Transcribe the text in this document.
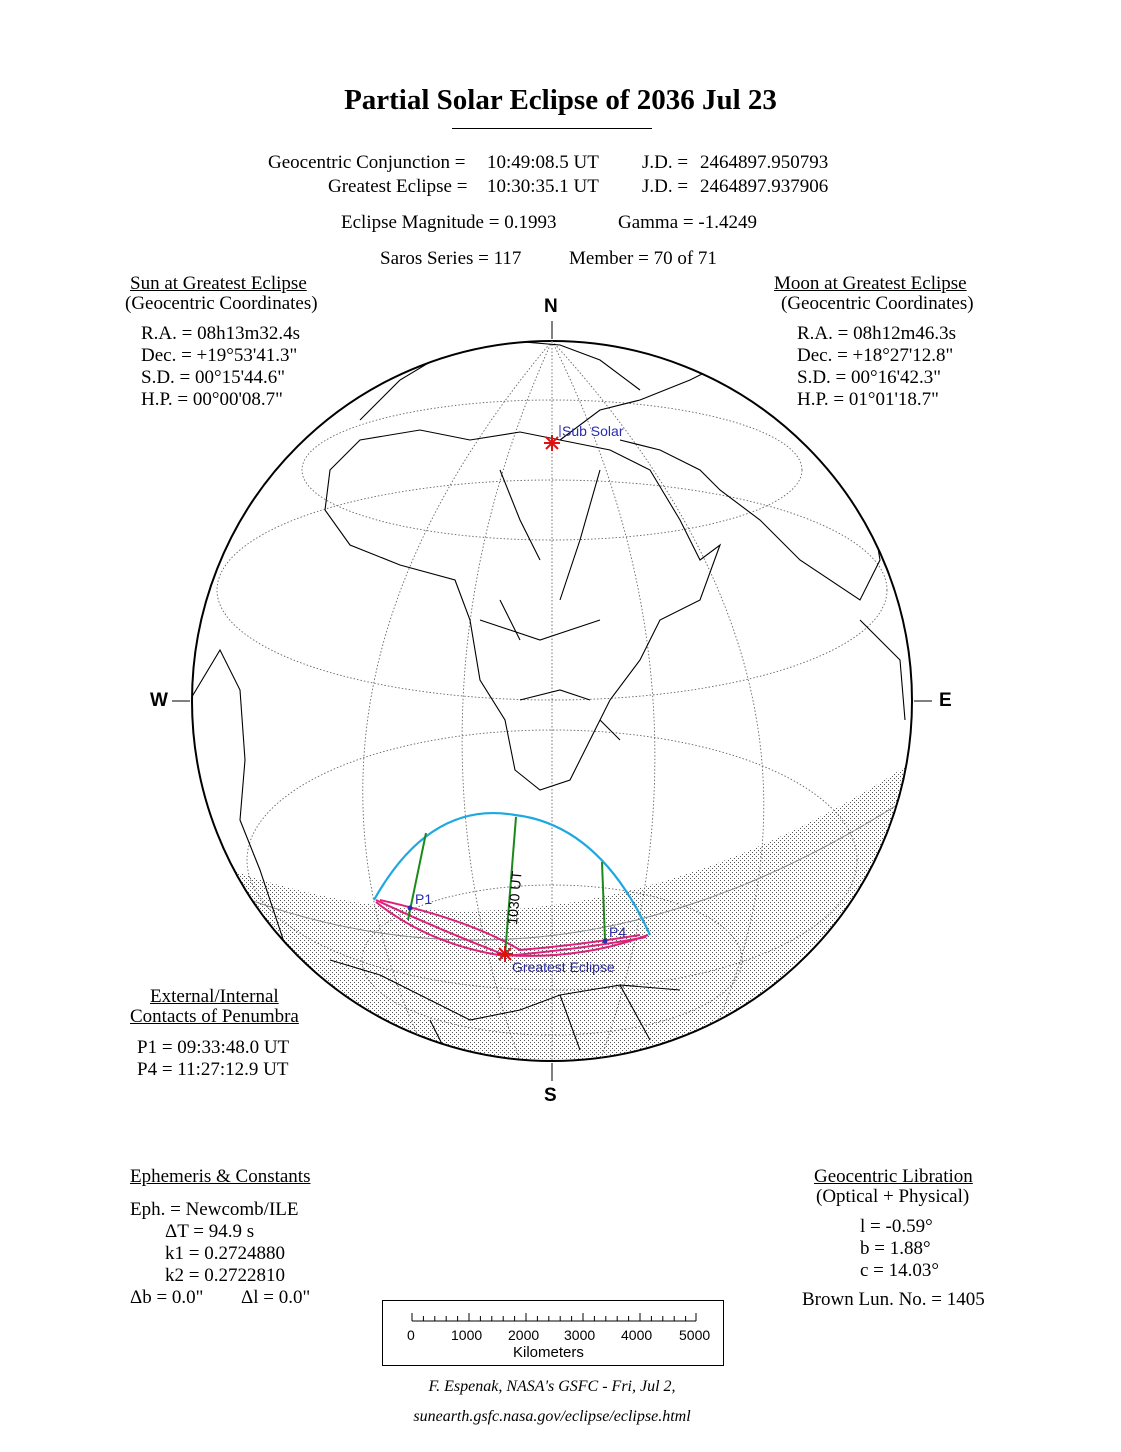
Partial Solar Eclipse of 2036 Jul 23
Geocentric Conjunction = 10:49:08.5 UT J.D. = 2464897.950793
Greatest Eclipse = 10:30:35.1 UT J.D. = 2464897.937906
Eclipse Magnitude = 0.1993	Gamma = -1.4249
Saros Series = 117	Member = 70 of 71
Sun at Greatest Eclipse
(Geocentric Coordinates)
R.A. = 08h13m32.4s
Dec. = +19°53'41.3"
S.D. = 00°15'44.6"
H.P. = 00°00'08.7"
Moon at Greatest Eclipse
(Geocentric Coordinates)
R.A. = 08h12m46.3s
Dec. = +18°27'12.8"
S.D. = 00°16'42.3"
H.P. = 01°01'18.7"
1030 UT
P1
P4
Sub Solar
Greatest Eclipse
N
S
W	E
External/Internal
Contacts of Penumbra
P1 = 09:33:48.0 UT
P4 = 11:27:12.9 UT
Ephemeris & Constants
Eph. = Newcomb/ILE
ΔT = 94.9 s
k1 = 0.2724880
k2 = 0.2722810
Δb = 0.0" Δl = 0.0"
Geocentric Libration
(Optical + Physical)
l = -0.59°
b = 1.88°
c = 14.03°
Brown Lun. No. = 1405
0	1000 2000 3000 4000 5000
Kilometers
F. Espenak, NASA's GSFC - Fri, Jul 2,
sunearth.gsfc.nasa.gov/eclipse/eclipse.html
